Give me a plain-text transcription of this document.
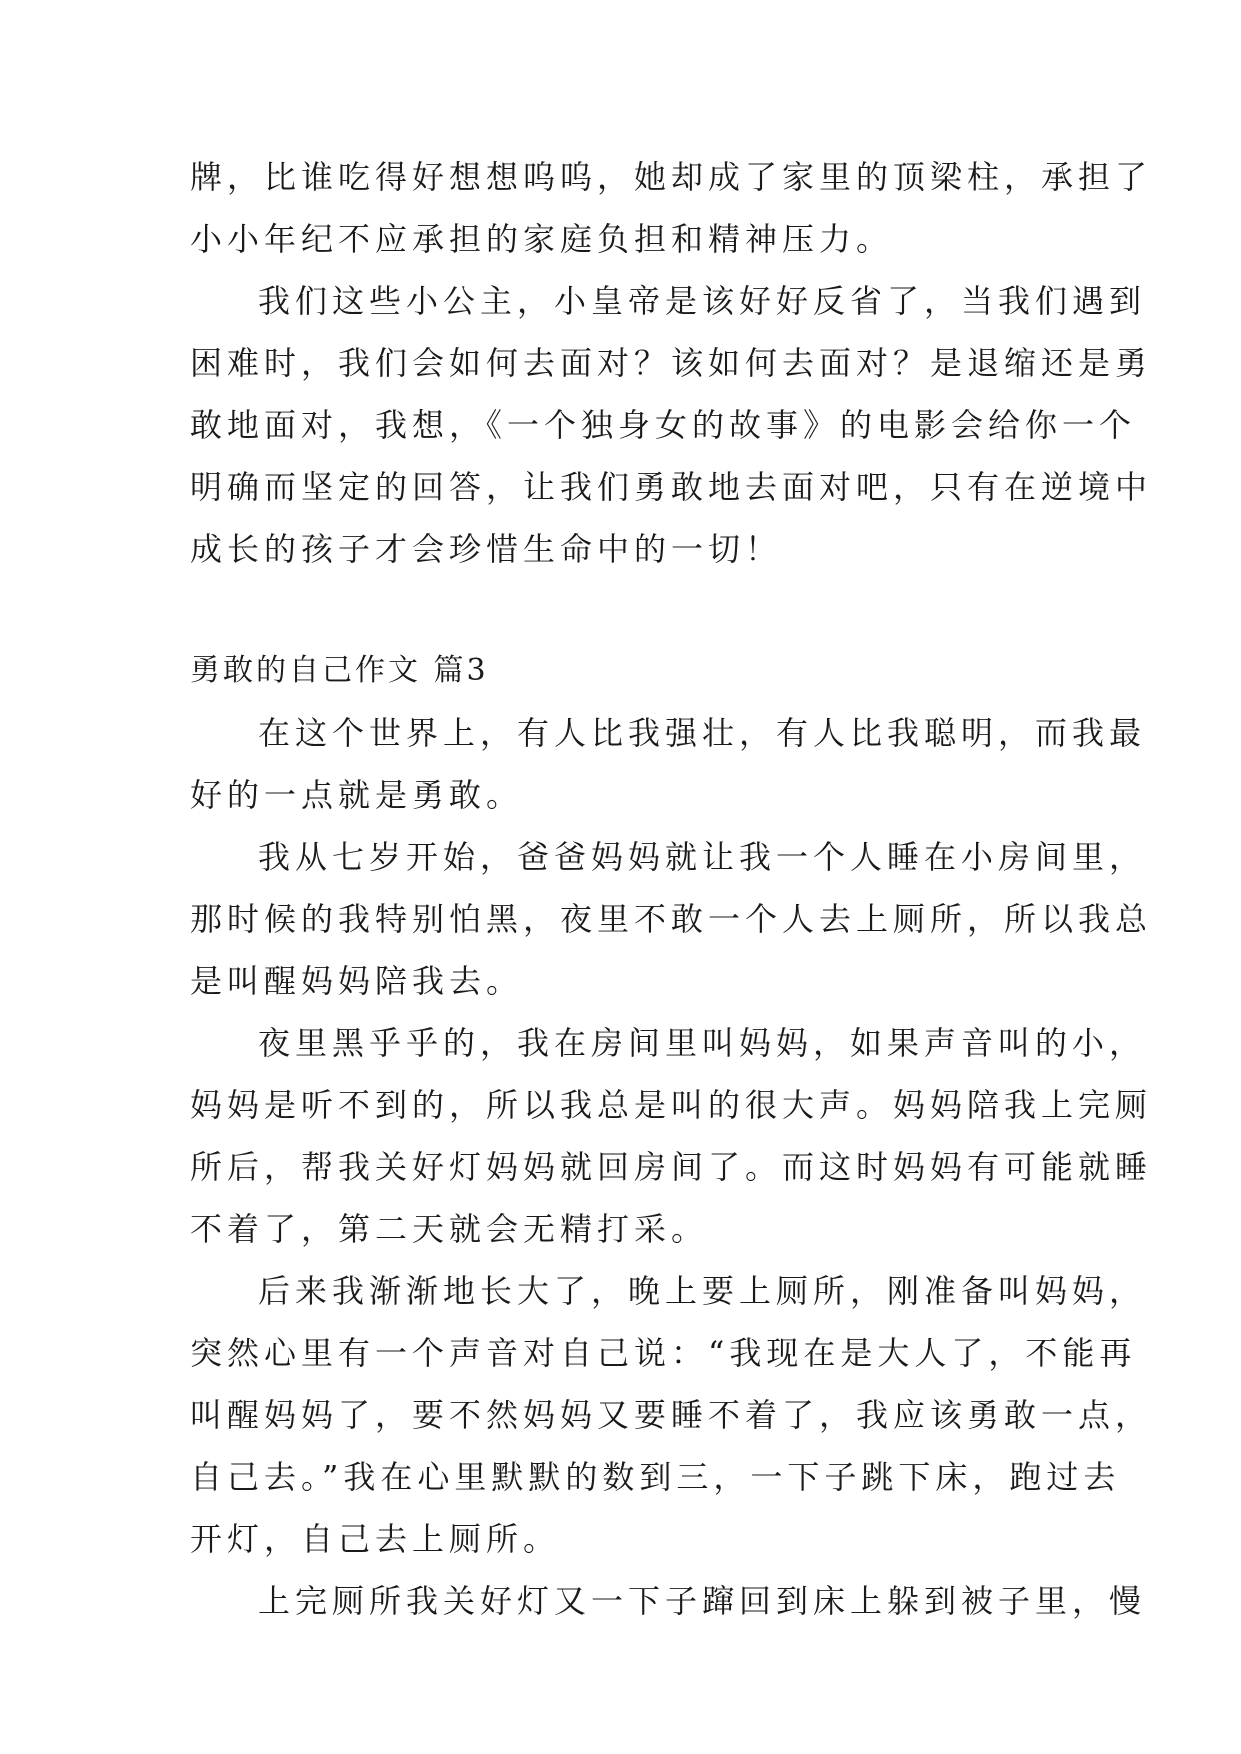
牌，比谁吃得好想想呜呜，她却成了家里的顶梁柱，承担了
小小年纪不应承担的家庭负担和精神压力。

我们这些小公主，小皇帝是该好好反省了，当我们遇到
困难时，我们会如何去面对？该如何去面对？是退缩还是勇
敢地面对，我想，《一个独身女的故事》的电影会给你一个
明确而坚定的回答，让我们勇敢地去面对吧，只有在逆境中
成长的孩子才会珍惜生命中的一切！

勇敢的自己作文 篇3

在这个世界上，有人比我强壮，有人比我聪明，而我最
好的一点就是勇敢。

我从七岁开始，爸爸妈妈就让我一个人睡在小房间里，
那时候的我特别怕黑，夜里不敢一个人去上厕所，所以我总
是叫醒妈妈陪我去。

夜里黑乎乎的，我在房间里叫妈妈，如果声音叫的小，
妈妈是听不到的，所以我总是叫的很大声。妈妈陪我上完厕
所后，帮我关好灯妈妈就回房间了。而这时妈妈有可能就睡
不着了，第二天就会无精打采。

后来我渐渐地长大了，晚上要上厕所，刚准备叫妈妈，
突然心里有一个声音对自己说：“我现在是大人了，不能再
叫醒妈妈了，要不然妈妈又要睡不着了，我应该勇敢一点，
自己去。”我在心里默默的数到三，一下子跳下床，跑过去
开灯，自己去上厕所。

上完厕所我关好灯又一下子蹿回到床上躲到被子里，慢
